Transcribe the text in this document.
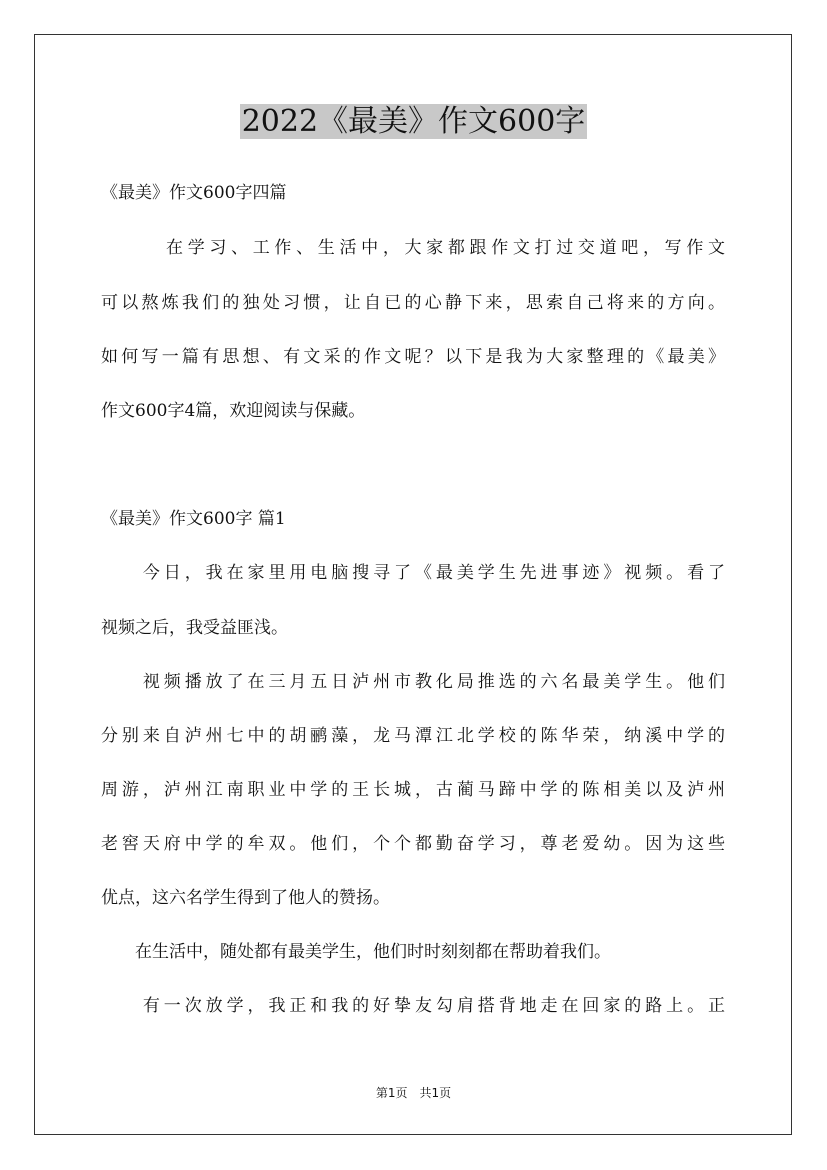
2022《最美》作文600字
《最美》作文600字四篇
　　　在学习、工作、生活中，大家都跟作文打过交道吧，写作文
可以熬炼我们的独处习惯，让自已的心静下来，思索自己将来的方向。
如何写一篇有思想、有文采的作文呢？以下是我为大家整理的《最美》
作文600字4篇，欢迎阅读与保藏。
《最美》作文600字 篇1
　　今日，我在家里用电脑搜寻了《最美学生先进事迹》视频。看了
视频之后，我受益匪浅。
　　视频播放了在三月五日泸州市教化局推选的六名最美学生。他们
分别来自泸州七中的胡鹂藻，龙马潭江北学校的陈华荣，纳溪中学的
周游，泸州江南职业中学的王长城，古蔺马蹄中学的陈相美以及泸州
老窖天府中学的牟双。他们，个个都勤奋学习，尊老爱幼。因为这些
优点，这六名学生得到了他人的赞扬。
　　在生活中，随处都有最美学生，他们时时刻刻都在帮助着我们。
　　有一次放学，我正和我的好挚友勾肩搭背地走在回家的路上。正
第1页　共1页
